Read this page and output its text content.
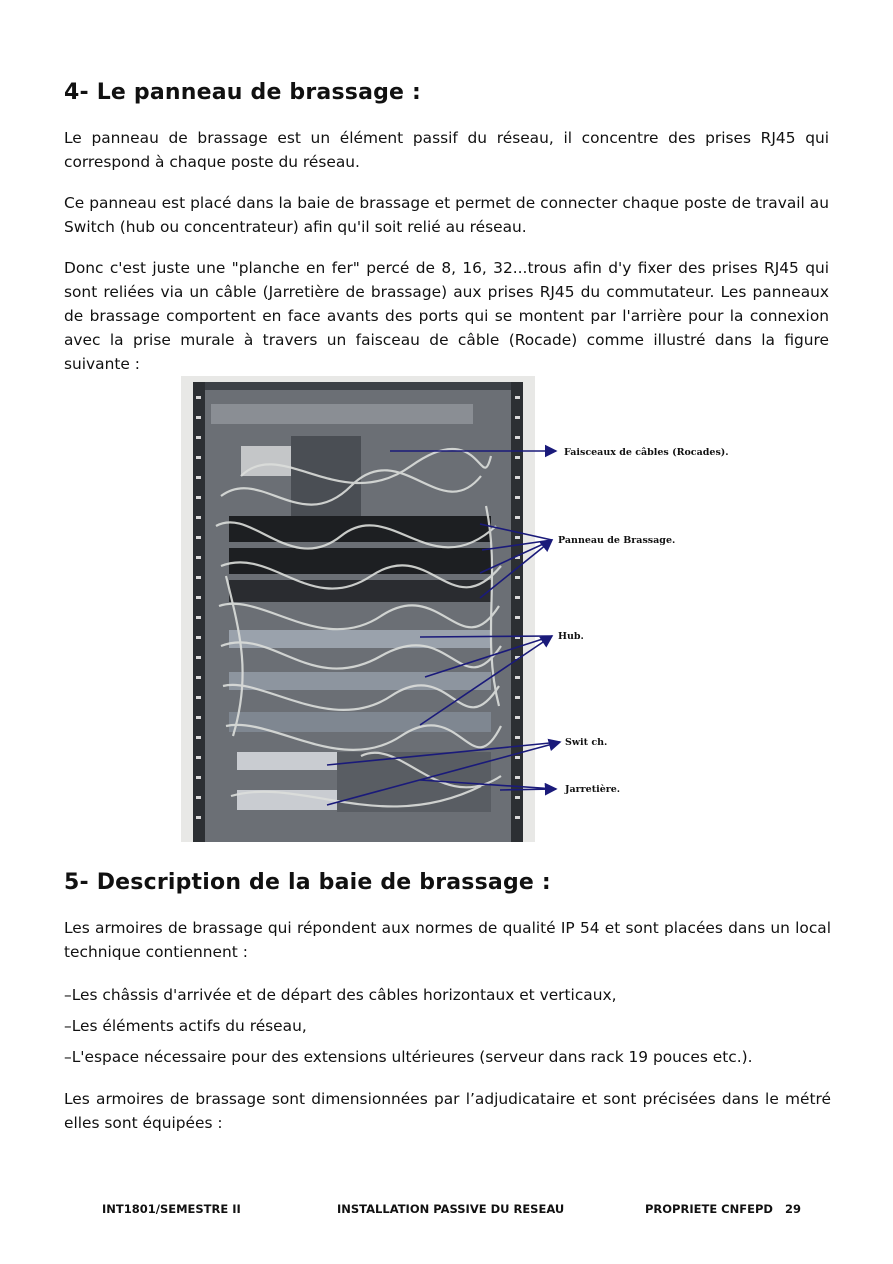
4- Le panneau de brassage :

Le panneau de brassage est un élément passif du réseau, il concentre des prises RJ45 qui correspond à chaque poste du réseau.

Ce panneau est placé dans la baie de brassage et permet de connecter chaque poste de travail au Switch (hub ou concentrateur) afin qu'il soit relié au réseau.

Donc c'est juste une "planche en fer" percé de 8, 16, 32...trous afin d'y fixer des prises RJ45 qui sont reliées via un câble (Jarretière de brassage) aux prises RJ45 du commutateur. Les panneaux de brassage comportent en face avants des ports qui se montent par l'arrière pour la connexion avec la prise murale à travers un faisceau de câble (Rocade) comme illustré dans la figure suivante :

Faisceaux de câbles (Rocades).
Panneau de Brassage.
Hub.
Swit ch.
Jarretière.
5- Description de la baie de brassage :

Les armoires de brassage qui répondent aux normes de qualité IP 54 et sont placées dans un local technique contiennent :

–Les châssis d'arrivée et de départ des câbles horizontaux et verticaux,

–Les éléments actifs du réseau,

–L'espace nécessaire pour des extensions ultérieures (serveur dans rack 19 pouces etc.).

Les armoires de brassage sont dimensionnées par l’adjudicataire et sont précisées dans le métré elles sont équipées :

INT1801/SEMESTRE II	INSTALLATION PASSIVE DU RESEAU	PROPRIETE CNFEPD 29
